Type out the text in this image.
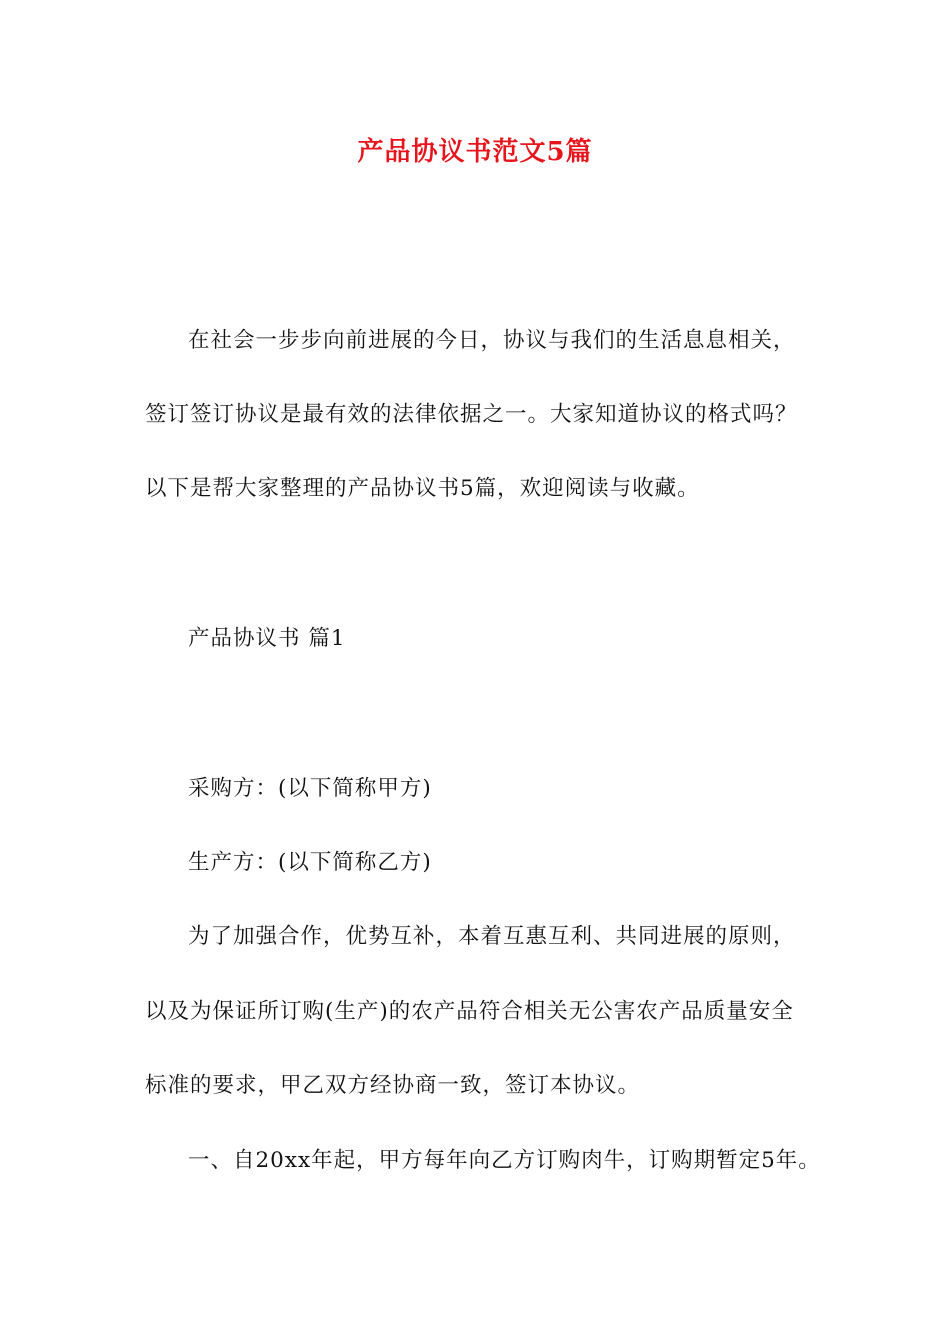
产品协议书范文5篇
在社会一步步向前进展的今日，协议与我们的生活息息相关，
签订签订协议是最有效的法律依据之一。大家知道协议的格式吗？
以下是帮大家整理的产品协议书5篇，欢迎阅读与收藏。
产品协议书 篇1
采购方：(以下简称甲方)
生产方：(以下简称乙方)
为了加强合作，优势互补，本着互惠互利、共同进展的原则，
以及为保证所订购(生产)的农产品符合相关无公害农产品质量安全
标准的要求，甲乙双方经协商一致，签订本协议。
一、自20xx年起，甲方每年向乙方订购肉牛，订购期暂定5年。
